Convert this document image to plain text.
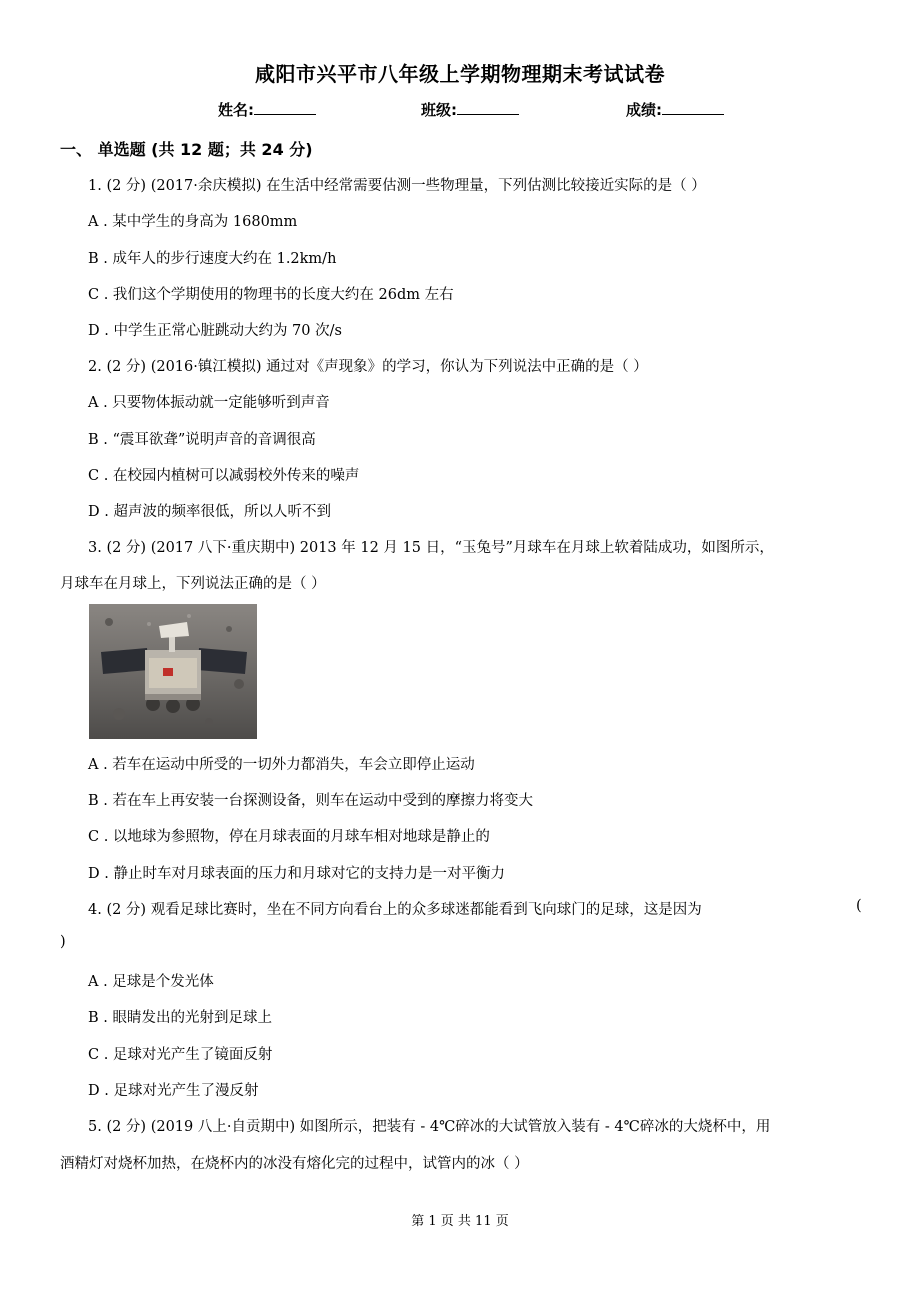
咸阳市兴平市八年级上学期物理期末考试试卷
姓名:	班级:	成绩:
一、 单选题 (共 12 题；共 24 分)
1. (2 分) (2017·余庆模拟) 在生活中经常需要估测一些物理量，下列估测比较接近实际的是（ ）
A . 某中学生的身高为 1680mm
B . 成年人的步行速度大约在 1.2km/h
C . 我们这个学期使用的物理书的长度大约在 26dm 左右
D . 中学生正常心脏跳动大约为 70 次/s
2. (2 分) (2016·镇江模拟) 通过对《声现象》的学习，你认为下列说法中正确的是（ ）
A . 只要物体振动就一定能够听到声音
B . “震耳欲聋”说明声音的音调很高
C . 在校园内植树可以减弱校外传来的噪声
D . 超声波的频率很低，所以人听不到
3. (2 分) (2017 八下·重庆期中) 2013 年 12 月 15 日，“玉兔号”月球车在月球上软着陆成功，如图所示，
月球车在月球上，下列说法正确的是（ ）
A . 若车在运动中所受的一切外力都消失，车会立即停止运动
B . 若在车上再安装一台探测设备，则车在运动中受到的摩擦力将变大
C . 以地球为参照物，停在月球表面的月球车相对地球是静止的
D . 静止时车对月球表面的压力和月球对它的支持力是一对平衡力
4. (2 分) 观看足球比赛时，坐在不同方向看台上的众多球迷都能看到飞向球门的足球，这是因为	(
)
A . 足球是个发光体
B . 眼睛发出的光射到足球上
C . 足球对光产生了镜面反射
D . 足球对光产生了漫反射
5. (2 分) (2019 八上·自贡期中) 如图所示，把装有 - 4℃碎冰的大试管放入装有 - 4℃碎冰的大烧杯中，用
酒精灯对烧杯加热，在烧杯内的冰没有熔化完的过程中，试管内的冰（ ）
第 1 页 共 11 页
